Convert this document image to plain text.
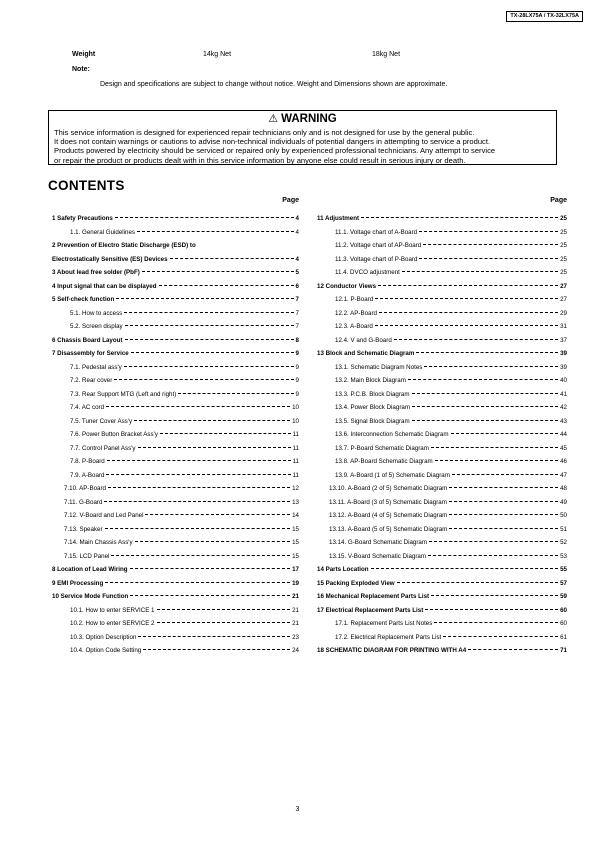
TX-28LX75A / TX-32LX75A
Weight	14kg Net	18kg Net
Note:
Design and specifications are subject to change without notice. Weight and Dimensions shown are approximate.
⚠ WARNING
This service information is designed for experienced repair technicians only and is not designed for use by the general public.
It does not contain warnings or cautions to advise non-technical individuals of potential dangers in attempting to service a product.
Products powered by electricity should be serviced or repaired only by experienced professional technicians. Any attempt to service
or repair the product or products dealt with in this service information by anyone else could result in serious injury or death.
CONTENTS
Page
1 Safety Precautions	4
1.1. General Guidelines	4
2 Prevention of Electro Static Discharge (ESD) to
Electrostatically Sensitive (ES) Devices	4
3 About lead free solder (PbF)	5
4 Input signal that can be displayed	6
5 Self-check function	7
5.1. How to access	7
5.2. Screen display	7
6 Chassis Board Layout	8
7 Disassembly for Service	9
7.1. Pedestal ass'y	9
7.2. Rear cover	9
7.3. Rear Support MTG (Left and right)	9
7.4. AC cord	10
7.5. Tuner Cover Ass'y	10
7.6. Power Button Bracket Ass'y	11
7.7. Control Panel Ass'y	11
7.8. P-Board	11
7.9. A-Board	11
7.10. AP-Board	12
7.11. G-Board	13
7.12. V-Board and Led Panel	14
7.13. Speaker	15
7.14. Main Chassis Ass'y	15
7.15. LCD Panel	15
8 Location of Lead Wiring	17
9 EMI Processing	19
10 Service Mode Function	21
10.1. How to enter SERVICE 1	21
10.2. How to enter SERVICE 2	21
10.3. Option Description	23
10.4. Option Code Setting	24
Page
11 Adjustment	25
11.1. Voltage chart of A-Board	25
11.2. Voltage chart of AP-Board	25
11.3. Voltage chart of P-Board	25
11.4. DVCO adjustment	25
12 Conductor Views	27
12.1. P-Board	27
12.2. AP-Board	29
12.3. A-Board	31
12.4. V and G-Board	37
13 Block and Schematic Diagram	39
13.1. Schematic Diagram Notes	39
13.2. Main Block Diagram	40
13.3. P.C.B. Block Diagram	41
13.4. Power Block Diagram	42
13.5. Signal Block Diagram	43
13.6. Interconnection Schematic Diagram	44
13.7. P-Board Schematic Diagram	45
13.8. AP-Board Schematic Diagram	46
13.9. A-Board (1 of 5) Schematic Diagram	47
13.10. A-Board (2 of 5) Schematic Diagram	48
13.11. A-Board (3 of 5) Schematic Diagram	49
13.12. A-Board (4 of 5) Schematic Diagram	50
13.13. A-Board (5 of 5) Schematic Diagram	51
13.14. G-Board Schematic Diagram	52
13.15. V-Board Schematic Diagram	53
14 Parts Location	55
15 Packing Exploded View	57
16 Mechanical Replacement Parts List	59
17 Electrical Replacement Parts List	60
17.1. Replacement Parts List Notes	60
17.2. Electrical Replacement Parts List	61
18 SCHEMATIC DIAGRAM FOR PRINTING WITH A4	71
3
